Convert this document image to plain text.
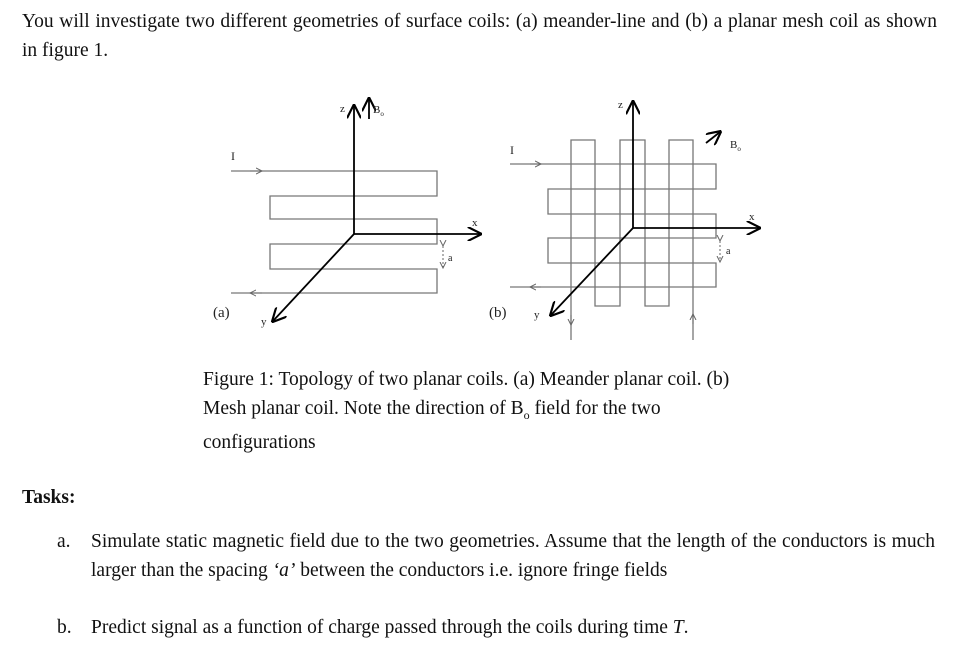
You will investigate two different geometries of surface coils: (a) meander-line and (b) a planar mesh coil as shown in figure 1.
z	$B_o$
I
x
a
(a)
y
z
$B_o$
I
x
a
(b)	y
Figure 1: Topology of two planar coils. (a) Meander planar coil. (b) Mesh planar coil. Note the direction of $B_o$ field for the two configurations
Tasks:
a. Simulate static magnetic field due to the two geometries. Assume that the length of the conductors is much larger than the spacing ‘a’ between the conductors i.e. ignore fringe fields
b. Predict signal as a function of charge passed through the coils during time T.
